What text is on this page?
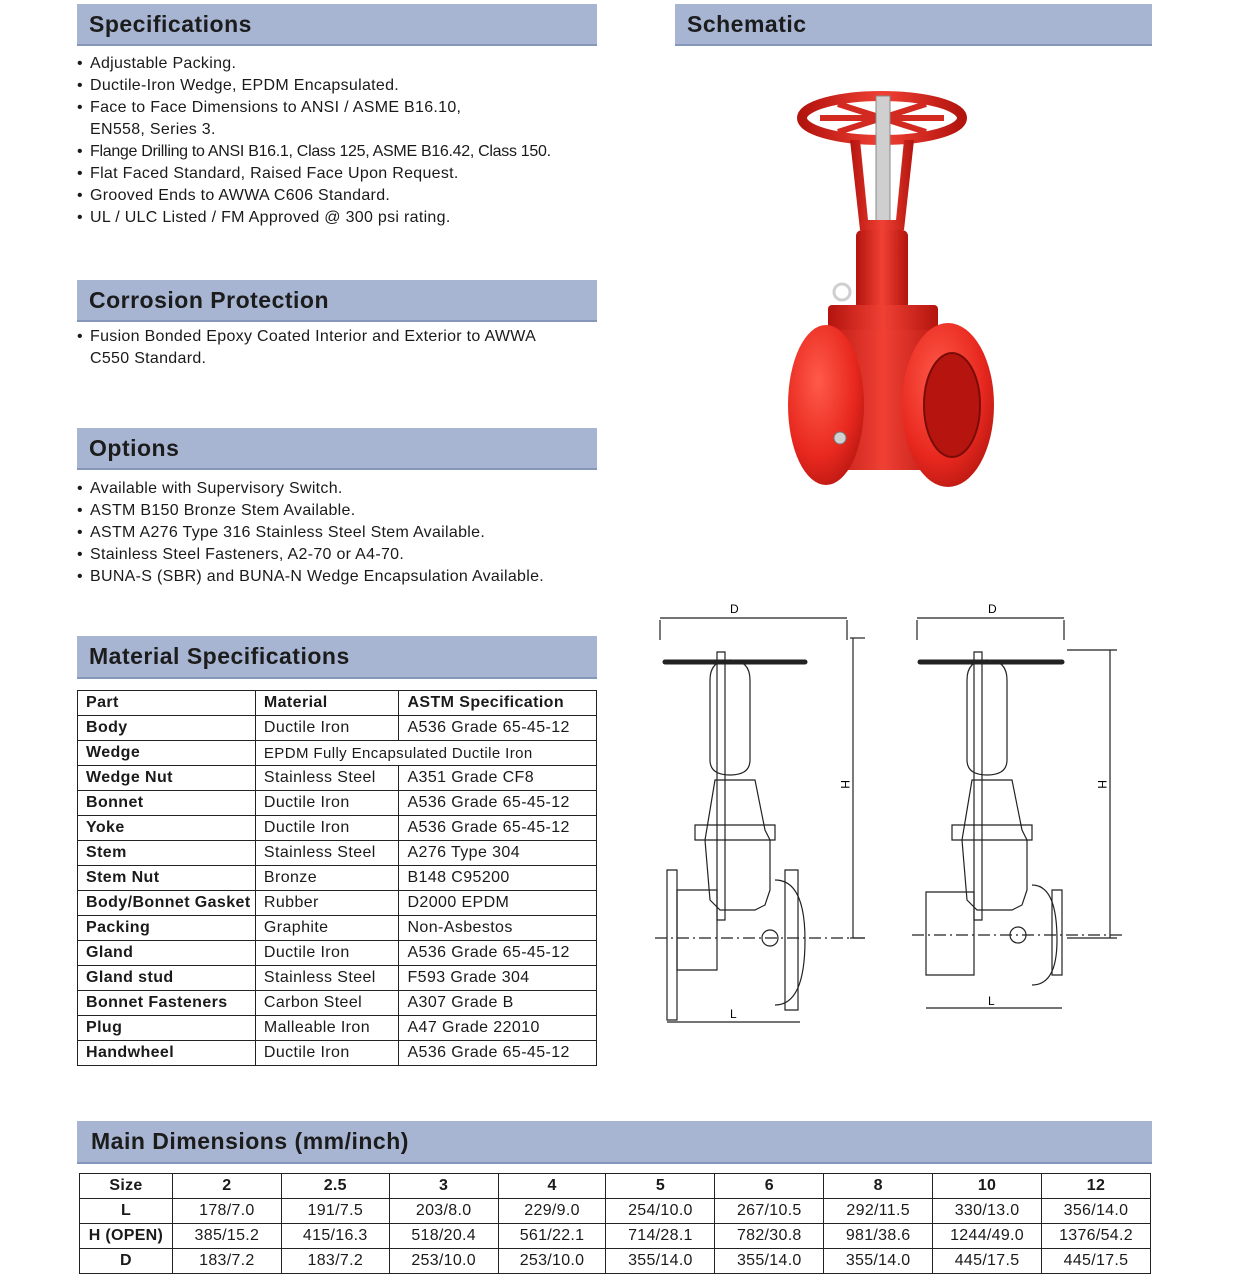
Specifications
• Adjustable Packing.
• Ductile-Iron Wedge, EPDM Encapsulated.
• Face to Face Dimensions to ANSI / ASME B16.10, EN558, Series 3.
• Flange Drilling to ANSI B16.1, Class 125, ASME B16.42, Class 150.
• Flat Faced Standard, Raised Face Upon Request.
• Grooved Ends to AWWA C606 Standard.
• UL / ULC Listed / FM Approved @ 300 psi rating.
Corrosion Protection
• Fusion Bonded Epoxy Coated Interior and Exterior to AWWA C550 Standard.
Options
• Available with Supervisory Switch.
• ASTM B150 Bronze Stem Available.
• ASTM A276 Type 316 Stainless Steel Stem Available.
• Stainless Steel Fasteners, A2-70 or A4-70.
• BUNA-S (SBR) and BUNA-N Wedge Encapsulation Available.
Schematic
D
H
L
D
H
L
Material Specifications
Part	Material	ASTM Specification
Body	Ductile Iron	A536 Grade 65-45-12
Wedge	EPDM Fully Encapsulated Ductile Iron	
Wedge Nut	Stainless Steel	A351 Grade CF8
Bonnet	Ductile Iron	A536 Grade 65-45-12
Yoke	Ductile Iron	A536 Grade 65-45-12
Stem	Stainless Steel	A276 Type 304
Stem Nut	Bronze	B148 C95200
Body/Bonnet Gasket	Rubber	D2000 EPDM
Packing	Graphite	Non-Asbestos
Gland	Ductile Iron	A536 Grade 65-45-12
Gland stud	Stainless Steel	F593 Grade 304
Bonnet Fasteners	Carbon Steel	A307 Grade B
Plug	Malleable Iron	A47 Grade 22010
Handwheel	Ductile Iron	A536 Grade 65-45-12
Main Dimensions (mm/inch)
Size	2	2.5	3	4	5	6	8	10	12
L	178/7.0	191/7.5	203/8.0	229/9.0	254/10.0	267/10.5	292/11.5	330/13.0	356/14.0
H (OPEN)	385/15.2	415/16.3	518/20.4	561/22.1	714/28.1	782/30.8	981/38.6	1244/49.0	1376/54.2
D	183/7.2	183/7.2	253/10.0	253/10.0	355/14.0	355/14.0	355/14.0	445/17.5	445/17.5
